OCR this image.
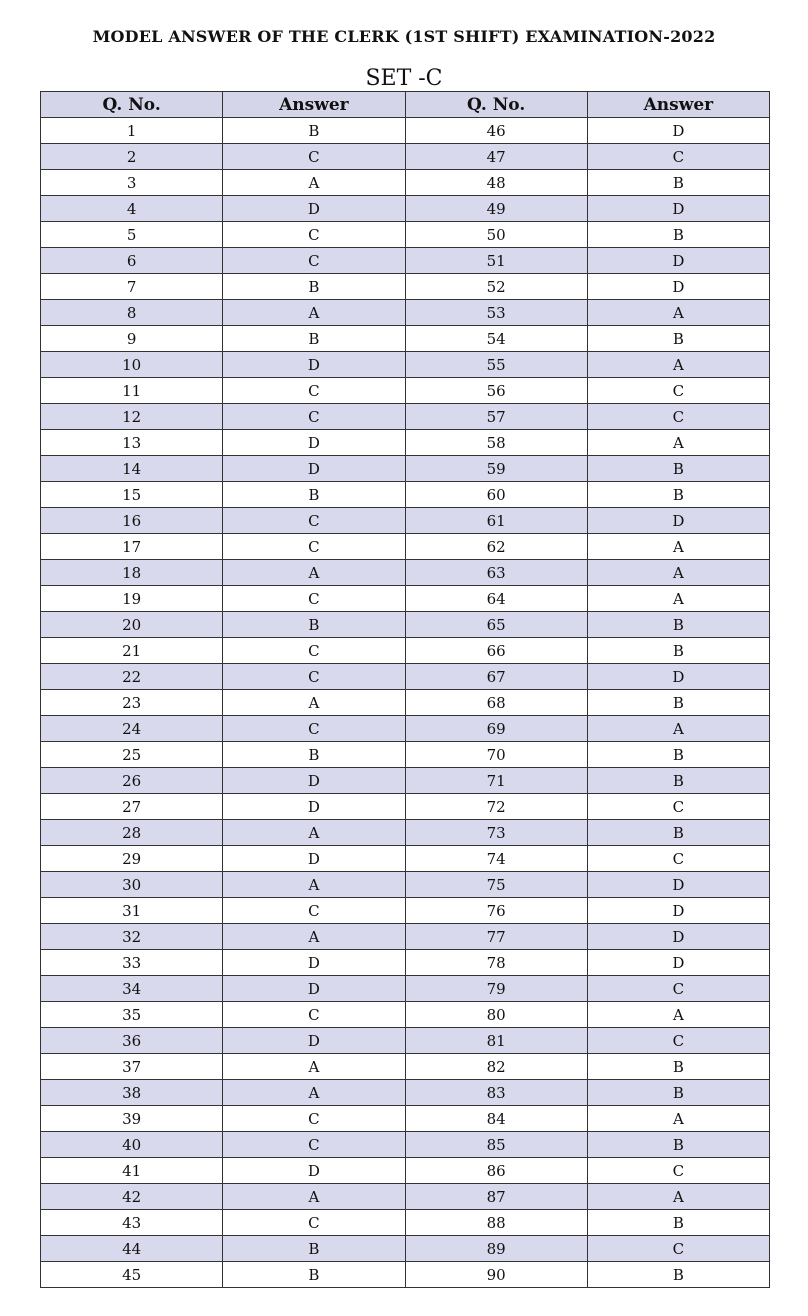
MODEL ANSWER OF THE CLERK (1ST SHIFT) EXAMINATION-2022
SET -C
Q. No.	Answer	Q. No.	Answer
1	B	46	D
2	C	47	C
3	A	48	B
4	D	49	D
5	C	50	B
6	C	51	D
7	B	52	D
8	A	53	A
9	B	54	B
10	D	55	A
11	C	56	C
12	C	57	C
13	D	58	A
14	D	59	B
15	B	60	B
16	C	61	D
17	C	62	A
18	A	63	A
19	C	64	A
20	B	65	B
21	C	66	B
22	C	67	D
23	A	68	B
24	C	69	A
25	B	70	B
26	D	71	B
27	D	72	C
28	A	73	B
29	D	74	C
30	A	75	D
31	C	76	D
32	A	77	D
33	D	78	D
34	D	79	C
35	C	80	A
36	D	81	C
37	A	82	B
38	A	83	B
39	C	84	A
40	C	85	B
41	D	86	C
42	A	87	A
43	C	88	B
44	B	89	C
45	B	90	B
